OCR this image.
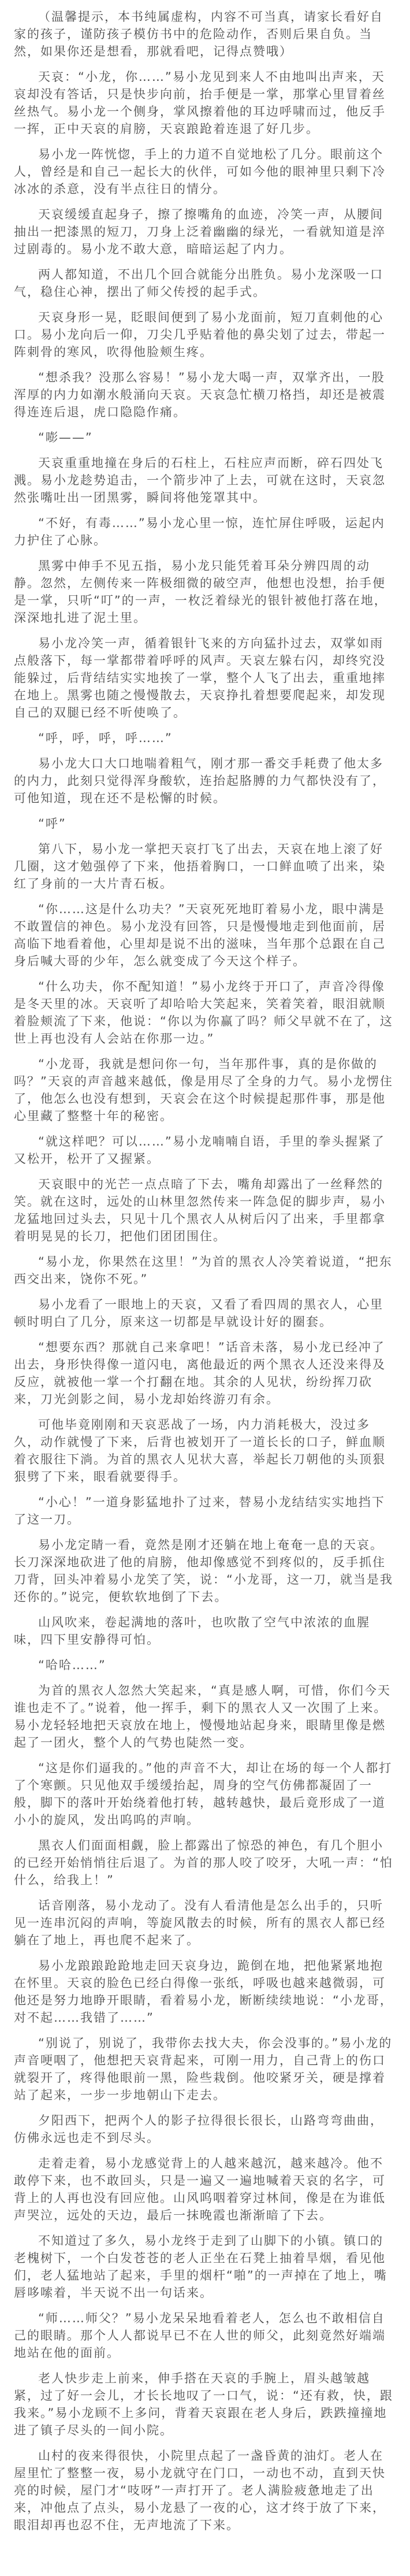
（温馨提示，本书纯属虚构，内容不可当真，请家长看好自家的孩子，谨防孩子模仿书中的危险动作，否则后果自负。当然，如果你还是想看，那就看吧，记得点赞哦）

天哀：“小龙，你……”易小龙见到来人不由地叫出声来，天哀却没有答话，只是快步向前，抬手便是一掌，那掌心里冒着丝丝热气。易小龙一个侧身，掌风擦着他的耳边呼啸而过，他反手一挥，正中天哀的肩膀，天哀踉跄着连退了好几步。

易小龙一阵恍惚，手上的力道不自觉地松了几分。眼前这个人，曾经是和自己一起长大的伙伴，可如今他的眼神里只剩下冷冰冰的杀意，没有半点往日的情分。

天哀缓缓直起身子，擦了擦嘴角的血迹，冷笑一声，从腰间抽出一把漆黑的短刀，刀身上泛着幽幽的绿光，一看就知道是淬过剧毒的。易小龙不敢大意，暗暗运起了内力。

两人都知道，不出几个回合就能分出胜负。易小龙深吸一口气，稳住心神，摆出了师父传授的起手式。

天哀身形一晃，眨眼间便到了易小龙面前，短刀直刺他的心口。易小龙向后一仰，刀尖几乎贴着他的鼻尖划了过去，带起一阵刺骨的寒风，吹得他脸颊生疼。

“想杀我？没那么容易！”易小龙大喝一声，双掌齐出，一股浑厚的内力如潮水般涌向天哀。天哀急忙横刀格挡，却还是被震得连连后退，虎口隐隐作痛。

“嘭——”

天哀重重地撞在身后的石柱上，石柱应声而断，碎石四处飞溅。易小龙趁势追击，一个箭步冲了上去，可就在这时，天哀忽然张嘴吐出一团黑雾，瞬间将他笼罩其中。

“不好，有毒……”易小龙心里一惊，连忙屏住呼吸，运起内力护住了心脉。

黑雾中伸手不见五指，易小龙只能凭着耳朵分辨四周的动静。忽然，左侧传来一阵极细微的破空声，他想也没想，抬手便是一掌，只听“叮”的一声，一枚泛着绿光的银针被他打落在地，深深地扎进了泥土里。

易小龙冷笑一声，循着银针飞来的方向猛扑过去，双掌如雨点般落下，每一掌都带着呼呼的风声。天哀左躲右闪，却终究没能躲过，后背结结实实地挨了一掌，整个人飞了出去，重重地摔在地上。黑雾也随之慢慢散去，天哀挣扎着想要爬起来，却发现自己的双腿已经不听使唤了。

“呼，呼，呼，呼……”

易小龙大口大口地喘着粗气，刚才那一番交手耗费了他太多的内力，此刻只觉得浑身酸软，连抬起胳膊的力气都快没有了，可他知道，现在还不是松懈的时候。

“呼”

第八下，易小龙一掌把天哀打飞了出去，天哀在地上滚了好几圈，这才勉强停了下来，他捂着胸口，一口鲜血喷了出来，染红了身前的一大片青石板。

“你……这是什么功夫？”天哀死死地盯着易小龙，眼中满是不敢置信的神色。易小龙没有回答，只是慢慢地走到他面前，居高临下地看着他，心里却是说不出的滋味，当年那个总跟在自己身后喊大哥的少年，怎么就变成了今天这个样子。

“什么功夫，你不配知道！”易小龙终于开口了，声音冷得像是冬天里的冰。天哀听了却哈哈大笑起来，笑着笑着，眼泪就顺着脸颊流了下来，他说：“你以为你赢了吗？师父早就不在了，这世上再也没有人会站在你那一边。”

“小龙哥，我就是想问你一句，当年那件事，真的是你做的吗？”天哀的声音越来越低，像是用尽了全身的力气。易小龙愣住了，他怎么也没有想到，天哀会在这个时候提起那件事，那是他心里藏了整整十年的秘密。

“就这样吧？可以……”易小龙喃喃自语，手里的拳头握紧了又松开，松开了又握紧。

天哀眼中的光芒一点点暗了下去，嘴角却露出了一丝释然的笑。就在这时，远处的山林里忽然传来一阵急促的脚步声，易小龙猛地回过头去，只见十几个黑衣人从树后闪了出来，手里都拿着明晃晃的长刀，把他们团团围住。

“易小龙，你果然在这里！”为首的黑衣人冷笑着说道，“把东西交出来，饶你不死。”

易小龙看了一眼地上的天哀，又看了看四周的黑衣人，心里顿时明白了几分，原来这一切都是早就设计好的圈套。

“想要东西？那就自己来拿吧！”话音未落，易小龙已经冲了出去，身形快得像一道闪电，离他最近的两个黑衣人还没来得及反应，就被他一掌一个打翻在地。其余的人见状，纷纷挥刀砍来，刀光剑影之间，易小龙却始终游刃有余。

可他毕竟刚刚和天哀恶战了一场，内力消耗极大，没过多久，动作就慢了下来，后背也被划开了一道长长的口子，鲜血顺着衣服往下淌。为首的黑衣人见状大喜，举起长刀朝他的头顶狠狠劈了下来，眼看就要得手。

“小心！”一道身影猛地扑了过来，替易小龙结结实实地挡下了这一刀。

易小龙定睛一看，竟然是刚才还躺在地上奄奄一息的天哀。长刀深深地砍进了他的肩膀，他却像感觉不到疼似的，反手抓住刀背，回头冲着易小龙笑了笑，说：“小龙哥，这一刀，就当是我还你的。”说完，便软软地倒了下去。

山风吹来，卷起满地的落叶，也吹散了空气中浓浓的血腥味，四下里安静得可怕。

“哈哈……”

为首的黑衣人忽然大笑起来，“真是感人啊，可惜，你们今天谁也走不了。”说着，他一挥手，剩下的黑衣人又一次围了上来。易小龙轻轻地把天哀放在地上，慢慢地站起身来，眼睛里像是燃起了一团火，整个人的气势也陡然一变。

“这是你们逼我的。”他的声音不大，却让在场的每一个人都打了个寒颤。只见他双手缓缓抬起，周身的空气仿佛都凝固了一般，脚下的落叶开始绕着他打转，越转越快，最后竟形成了一道小小的旋风，发出呜呜的声响。

黑衣人们面面相觑，脸上都露出了惊恐的神色，有几个胆小的已经开始悄悄往后退了。为首的那人咬了咬牙，大吼一声：“怕什么，给我上！”

话音刚落，易小龙动了。没有人看清他是怎么出手的，只听见一连串沉闷的声响，等旋风散去的时候，所有的黑衣人都已经躺在了地上，再也爬不起来了。

易小龙踉踉跄跄地走回天哀身边，跪倒在地，把他紧紧地抱在怀里。天哀的脸色已经白得像一张纸，呼吸也越来越微弱，可他还是努力地睁开眼睛，看着易小龙，断断续续地说：“小龙哥，对不起……我错了……”

“别说了，别说了，我带你去找大夫，你会没事的。”易小龙的声音哽咽了，他想把天哀背起来，可刚一用力，自己背上的伤口就裂开了，疼得他眼前一黑，险些栽倒。他咬紧牙关，硬是撑着站了起来，一步一步地朝山下走去。

夕阳西下，把两个人的影子拉得很长很长，山路弯弯曲曲，仿佛永远也走不到尽头。

走着走着，易小龙感觉背上的人越来越沉，越来越冷。他不敢停下来，也不敢回头，只是一遍又一遍地喊着天哀的名字，可背上的人再也没有回应他。山风呜咽着穿过林间，像是在为谁低声哭泣，远处的天边，最后一抹晚霞也渐渐暗了下去。

不知道过了多久，易小龙终于走到了山脚下的小镇。镇口的老槐树下，一个白发苍苍的老人正坐在石凳上抽着旱烟，看见他们，老人猛地站了起来，手里的烟杆“啪”的一声掉在了地上，嘴唇哆嗦着，半天说不出一句话来。

“师……师父？”易小龙呆呆地看着老人，怎么也不敢相信自己的眼睛。那个人人都说早已不在人世的师父，此刻竟然好端端地站在他的面前。

老人快步走上前来，伸手搭在天哀的手腕上，眉头越皱越紧，过了好一会儿，才长长地叹了一口气，说：“还有救，快，跟我来。”易小龙顾不上多问，背着天哀跟在老人身后，跌跌撞撞地进了镇子尽头的一间小院。

山村的夜来得很快，小院里点起了一盏昏黄的油灯。老人在屋里忙了整整一夜，易小龙就守在门口，一动也不动，直到天快亮的时候，屋门才“吱呀”一声打开了。老人满脸疲惫地走了出来，冲他点了点头，易小龙悬了一夜的心，这才终于放了下来，眼泪却再也忍不住，无声地流了下来。
